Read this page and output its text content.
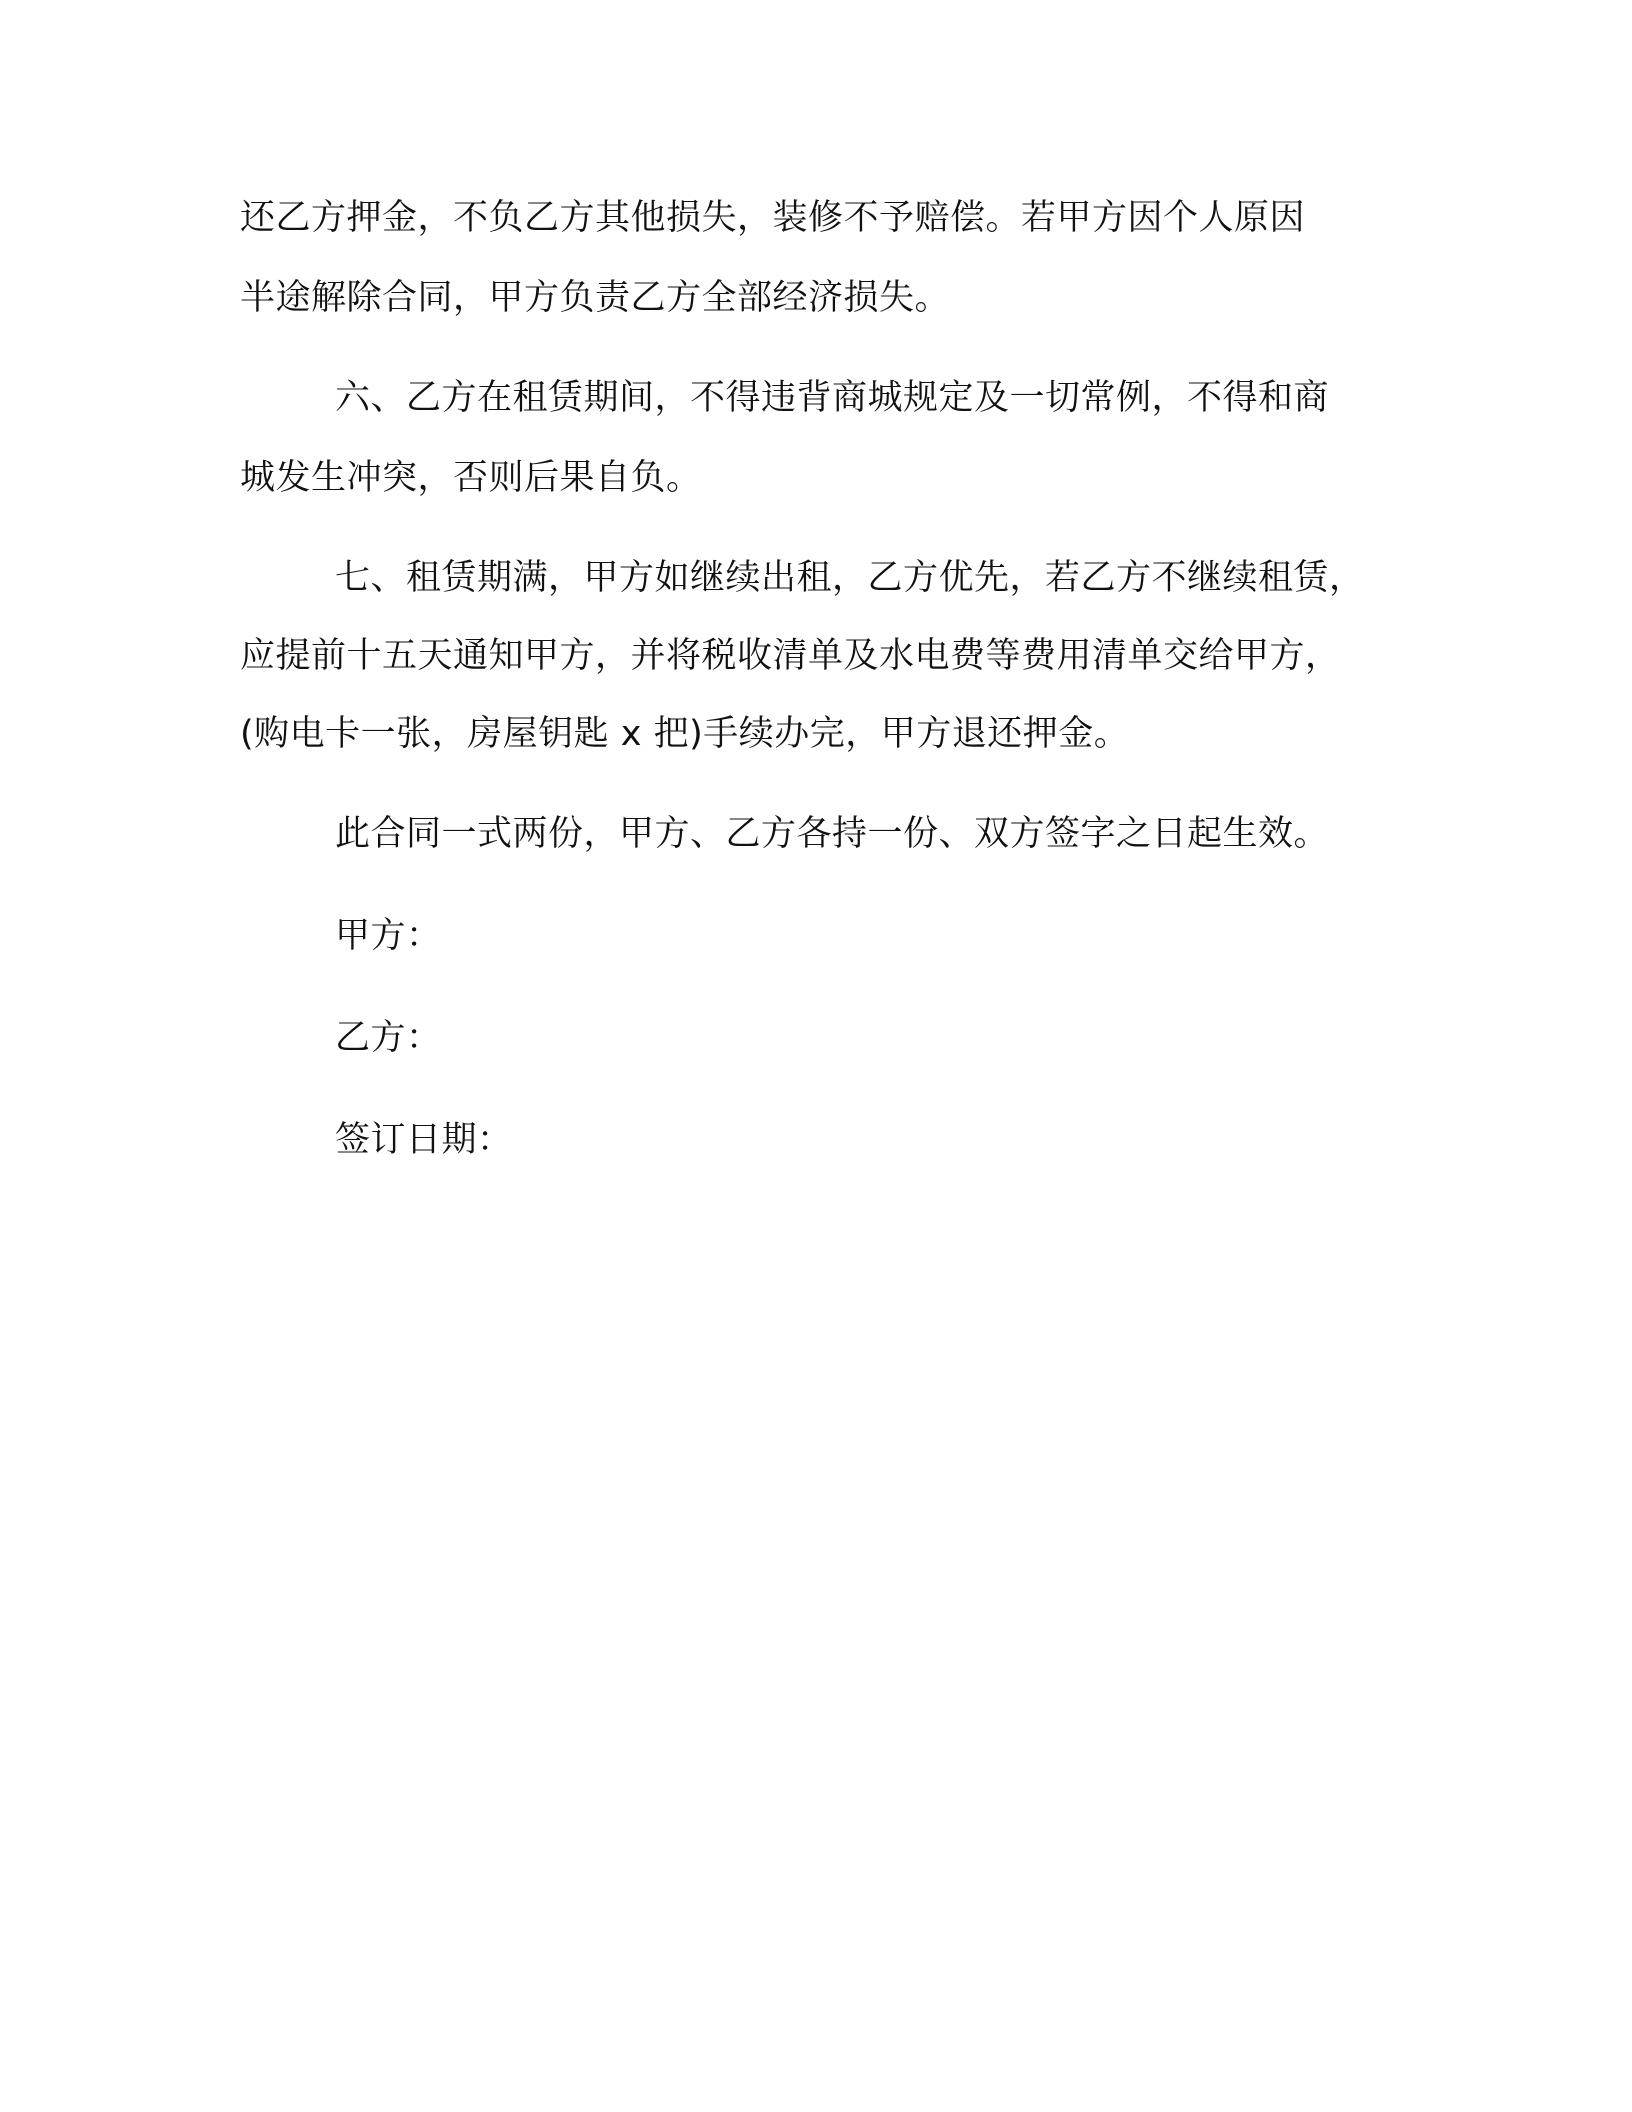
还乙方押金，不负乙方其他损失，装修不予赔偿。若甲方因个人原因
半途解除合同，甲方负责乙方全部经济损失。
六、乙方在租赁期间，不得违背商城规定及一切常例，不得和商
城发生冲突，否则后果自负。
七、租赁期满，甲方如继续出租，乙方优先，若乙方不继续租赁，
应提前十五天通知甲方，并将税收清单及水电费等费用清单交给甲方，
(购电卡一张，房屋钥匙 x 把)手续办完，甲方退还押金。
此合同一式两份，甲方、乙方各持一份、双方签字之日起生效。
甲方：
乙方：
签订日期：
